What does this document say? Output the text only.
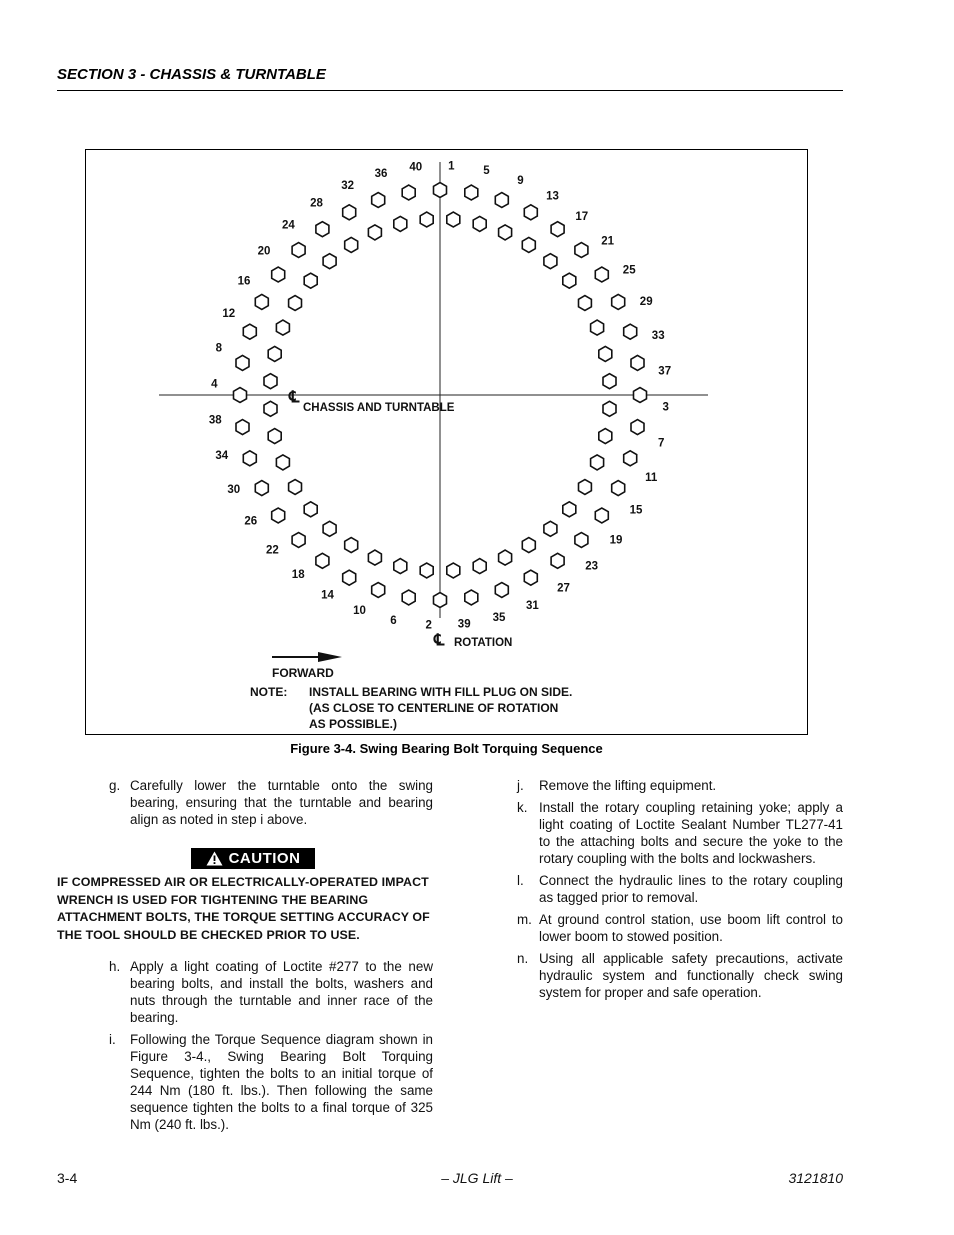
SECTION 3 - CHASSIS & TURNTABLE
℄
℄
CHASSIS AND TURNTABLE
ROTATION
FORWARD
NOTE: INSTALL BEARING WITH FILL PLUG ON SIDE.
(AS CLOSE TO CENTERLINE OF ROTATION
AS POSSIBLE.)
1	5
9
13
17
21
25
29
33
37
3
7
11
15
19
23
27
31
35
39
2
6
10
14
18
22
26
30
34
38
4
8
12
16
20
24
28
32
36
40
Figure 3-4. Swing Bearing Bolt Torquing Sequence
g. Carefully lower the turntable onto the swing bearing, ensuring that the turntable and bearing align as noted in step i above.
CAUTION
IF COMPRESSED AIR OR ELECTRICALLY-OPERATED IMPACT WRENCH IS USED FOR TIGHTENING THE BEARING ATTACHMENT BOLTS, THE TORQUE SETTING ACCURACY OF THE TOOL SHOULD BE CHECKED PRIOR TO USE.
h. Apply a light coating of Loctite #277 to the new bearing bolts, and install the bolts, washers and nuts through the turntable and inner race of the bearing.
i. Following the Torque Sequence diagram shown in Figure 3-4., Swing Bearing Bolt Torquing Sequence, tighten the bolts to an initial torque of 244 Nm (180 ft. lbs.). Then following the same sequence tighten the bolts to a final torque of 325 Nm (240 ft. lbs.).
j. Remove the lifting equipment.
k. Install the rotary coupling retaining yoke; apply a light coating of Loctite Sealant Number TL277-41 to the attaching bolts and secure the yoke to the rotary coupling with the bolts and lockwashers.
l. Connect the hydraulic lines to the rotary coupling as tagged prior to removal.
m. At ground control station, use boom lift control to lower boom to stowed position.
n. Using all applicable safety precautions, activate hydraulic system and functionally check swing system for proper and safe operation.
3-4	– JLG Lift –	3121810
